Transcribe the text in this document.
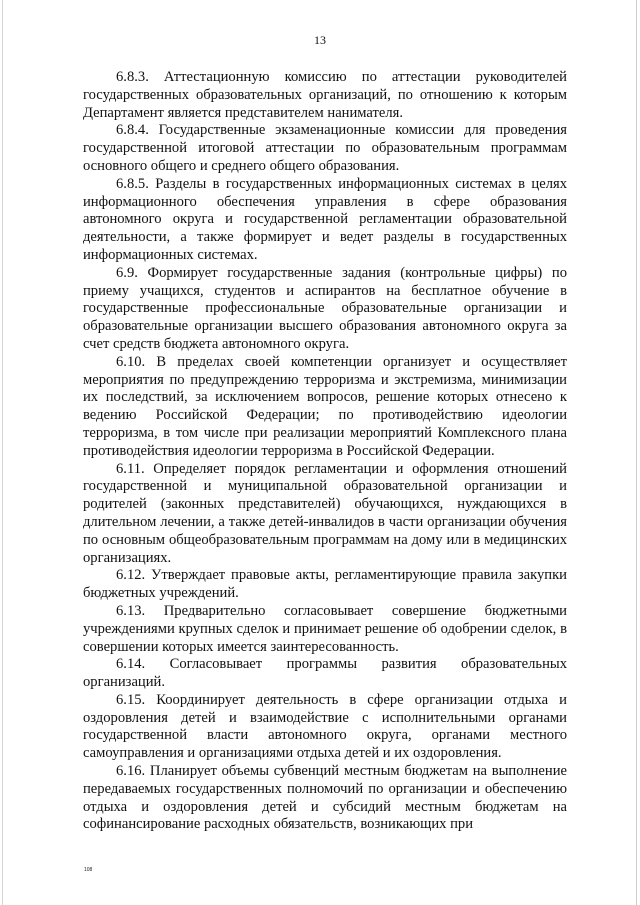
13

6.8.3. Аттестационную комиссию по аттестации руководителей государственных образовательных организаций, по отношению к которым Департамент является представителем нанимателя.

6.8.4. Государственные экзаменационные комиссии для проведения государственной итоговой аттестации по образовательным программам основного общего и среднего общего образования.

6.8.5. Разделы в государственных информационных системах в целях информационного обеспечения управления в сфере образования автономного округа и государственной регламентации образовательной деятельности, а также формирует и ведет разделы в государственных информационных системах.

6.9. Формирует государственные задания (контрольные цифры) по приему учащихся, студентов и аспирантов на бесплатное обучение в государственные профессиональные образовательные организации и образовательные организации высшего образования автономного округа за счет средств бюджета автономного округа.

6.10. В пределах своей компетенции организует и осуществляет мероприятия по предупреждению терроризма и экстремизма, минимизации их последствий, за исключением вопросов, решение которых отнесено к ведению Российской Федерации; по противодействию идеологии терроризма, в том числе при реализации мероприятий Комплексного плана противодействия идеологии терроризма в Российской Федерации.

6.11. Определяет порядок регламентации и оформления отношений государственной и муниципальной образовательной организации и родителей (законных представителей) обучающихся, нуждающихся в длительном лечении, а также детей-инвалидов в части организации обучения по основным общеобразовательным программам на дому или в медицинских организациях.

6.12. Утверждает правовые акты, регламентирующие правила закупки бюджетных учреждений.

6.13. Предварительно согласовывает совершение бюджетными учреждениями крупных сделок и принимает решение об одобрении сделок, в совершении которых имеется заинтересованность.

6.14. Согласовывает программы развития образовательных организаций.

6.15. Координирует деятельность в сфере организации отдыха и оздоровления детей и взаимодействие с исполнительными органами государственной власти автономного округа, органами местного самоуправления и организациями отдыха детей и их оздоровления.

6.16. Планирует объемы субвенций местным бюджетам на выполнение передаваемых государственных полномочий по организации и обеспечению отдыха и оздоровления детей и субсидий местным бюджетам на софинансирование расходных обязательств, возникающих при

108
